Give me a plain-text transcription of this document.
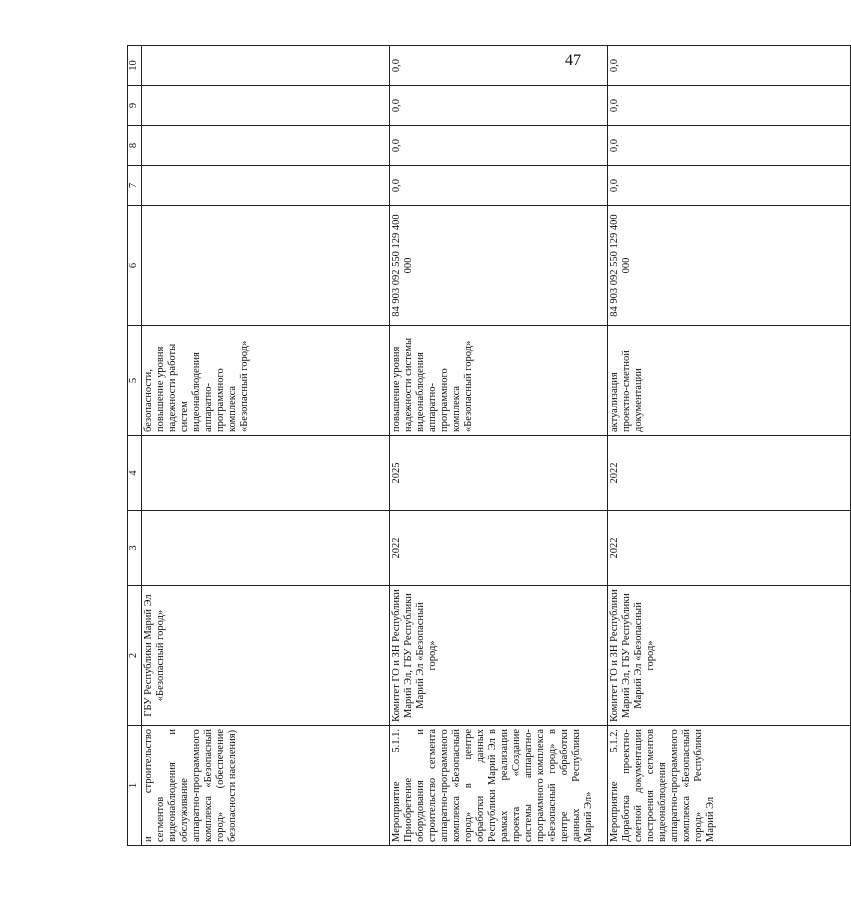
47
1	2	3	4	5	6	7	8	9	10
и строительство сегментов видеонаблюдения и обслуживание аппаратно-программного комплекса «Безопасный город» (обеспечение безопасности населения)	ГБУ Республики Марий Эл «Безопасный город»			безопасности, повышение уровня надежности работы систем видеонаблюдения аппаратно-программного комплекса «Безопасный город»					
Мероприятие 5.1.1. Приобретение оборудования и строительство сегмента аппаратно-программного комплекса «Безопасный город» в центре обработки данных Республики Марий Эл в рамках реализации проекта «Создание системы аппаратно-программного комплекса «Безопасный город» в центре обработки данных Республики Марий Эл»	Комитет ГО и ЗН Республики Марий Эл, ГБУ Республики Марий Эл «Безопасный город»	2022	2025	повышение уровня надежности системы видеонаблюдения аппаратно-программного комплекса «Безопасный город»	84 903 092 550 129 400 000	0,0	0,0	0,0	0,0
Мероприятие 5.1.2. Доработка проектно-сметной документации построения сегментов видеонаблюдения аппаратно-программного комплекса «Безопасный город» Республики Марий Эл	Комитет ГО и ЗН Республики Марий Эл, ГБУ Республики Марий Эл «Безопасный город»	2022	2022	актуализация проектно-сметной документации	84 903 092 550 129 400 000	0,0	0,0	0,0	0,0
